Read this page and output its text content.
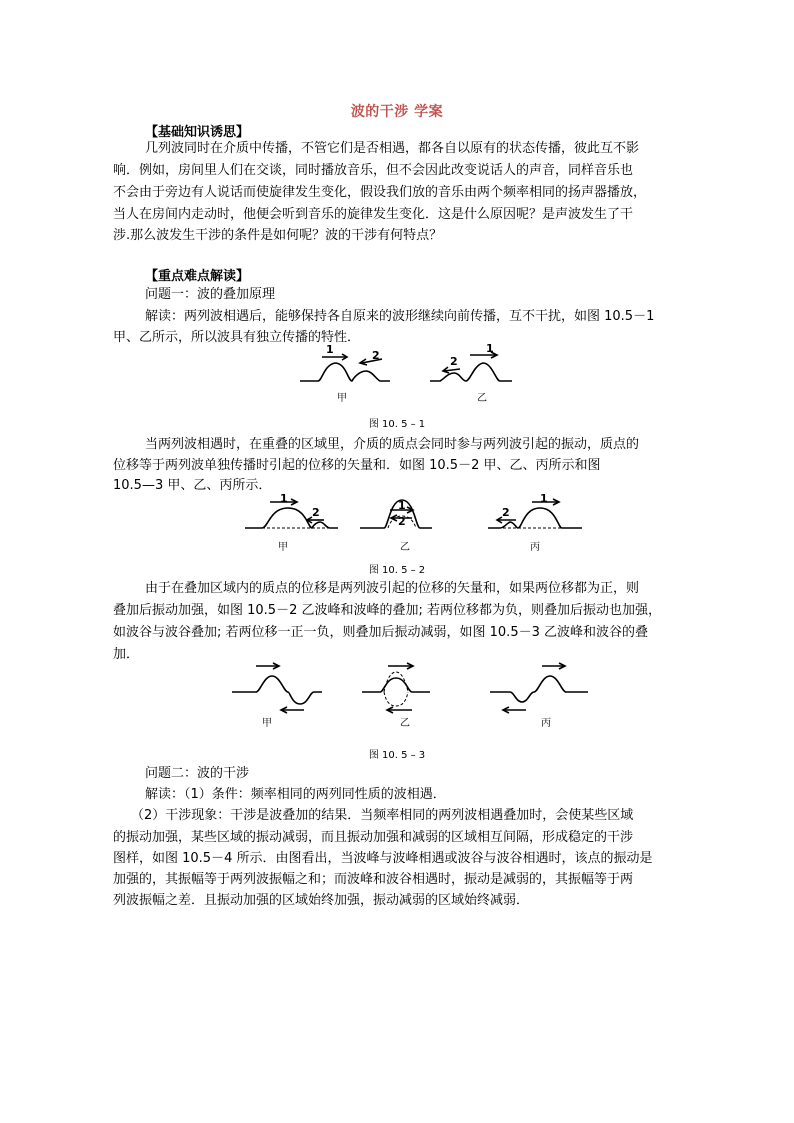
波的干涉 学案
【基础知识诱思】
几列波同时在介质中传播，不管它们是否相遇，都各自以原有的状态传播，彼此互不影
响．例如，房间里人们在交谈，同时播放音乐，但不会因此改变说话人的声音，同样音乐也
不会由于旁边有人说话而使旋律发生变化，假设我们放的音乐由两个频率相同的扬声器播放，
当人在房间内走动时，他便会听到音乐的旋律发生变化．这是什么原因呢？是声波发生了干
涉.那么波发生干涉的条件是如何呢？波的干涉有何特点？
【重点难点解读】
问题一：波的叠加原理
解读：两列波相遇后，能够保持各自原来的波形继续向前传播，互不干扰，如图 10.5－1
甲、乙所示，所以波具有独立传播的特性．
1	2	2
1
甲	乙
图 10. 5 – 1
当两列波相遇时，在重叠的区域里，介质的质点会同时参与两列波引起的振动，质点的
位移等于两列波单独传播时引起的位移的矢量和．如图 10.5－2 甲、乙、丙所示和图
10.5—3 甲、乙、丙所示．
1
2
1
2
2
1
甲	乙	丙
图 10. 5 – 2
由于在叠加区域内的质点的位移是两列波引起的位移的矢量和，如果两位移都为正，则
叠加后振动加强，如图 10.5－2 乙波峰和波峰的叠加; 若两位移都为负，则叠加后振动也加强，
如波谷与波谷叠加; 若两位移一正一负，则叠加后振动减弱，如图 10.5－3 乙波峰和波谷的叠
加．
甲	乙	丙
图 10. 5 – 3
问题二：波的干涉
解读：（1）条件：频率相同的两列同性质的波相遇．
（2）干涉现象：干涉是波叠加的结果．当频率相同的两列波相遇叠加时，会使某些区域
的振动加强，某些区域的振动减弱，而且振动加强和减弱的区域相互间隔，形成稳定的干涉
图样，如图 10.5－4 所示．由图看出，当波峰与波峰相遇或波谷与波谷相遇时，该点的振动是
加强的，其振幅等于两列波振幅之和；而波峰和波谷相遇时，振动是减弱的，其振幅等于两
列波振幅之差．且振动加强的区域始终加强，振动减弱的区域始终减弱．
